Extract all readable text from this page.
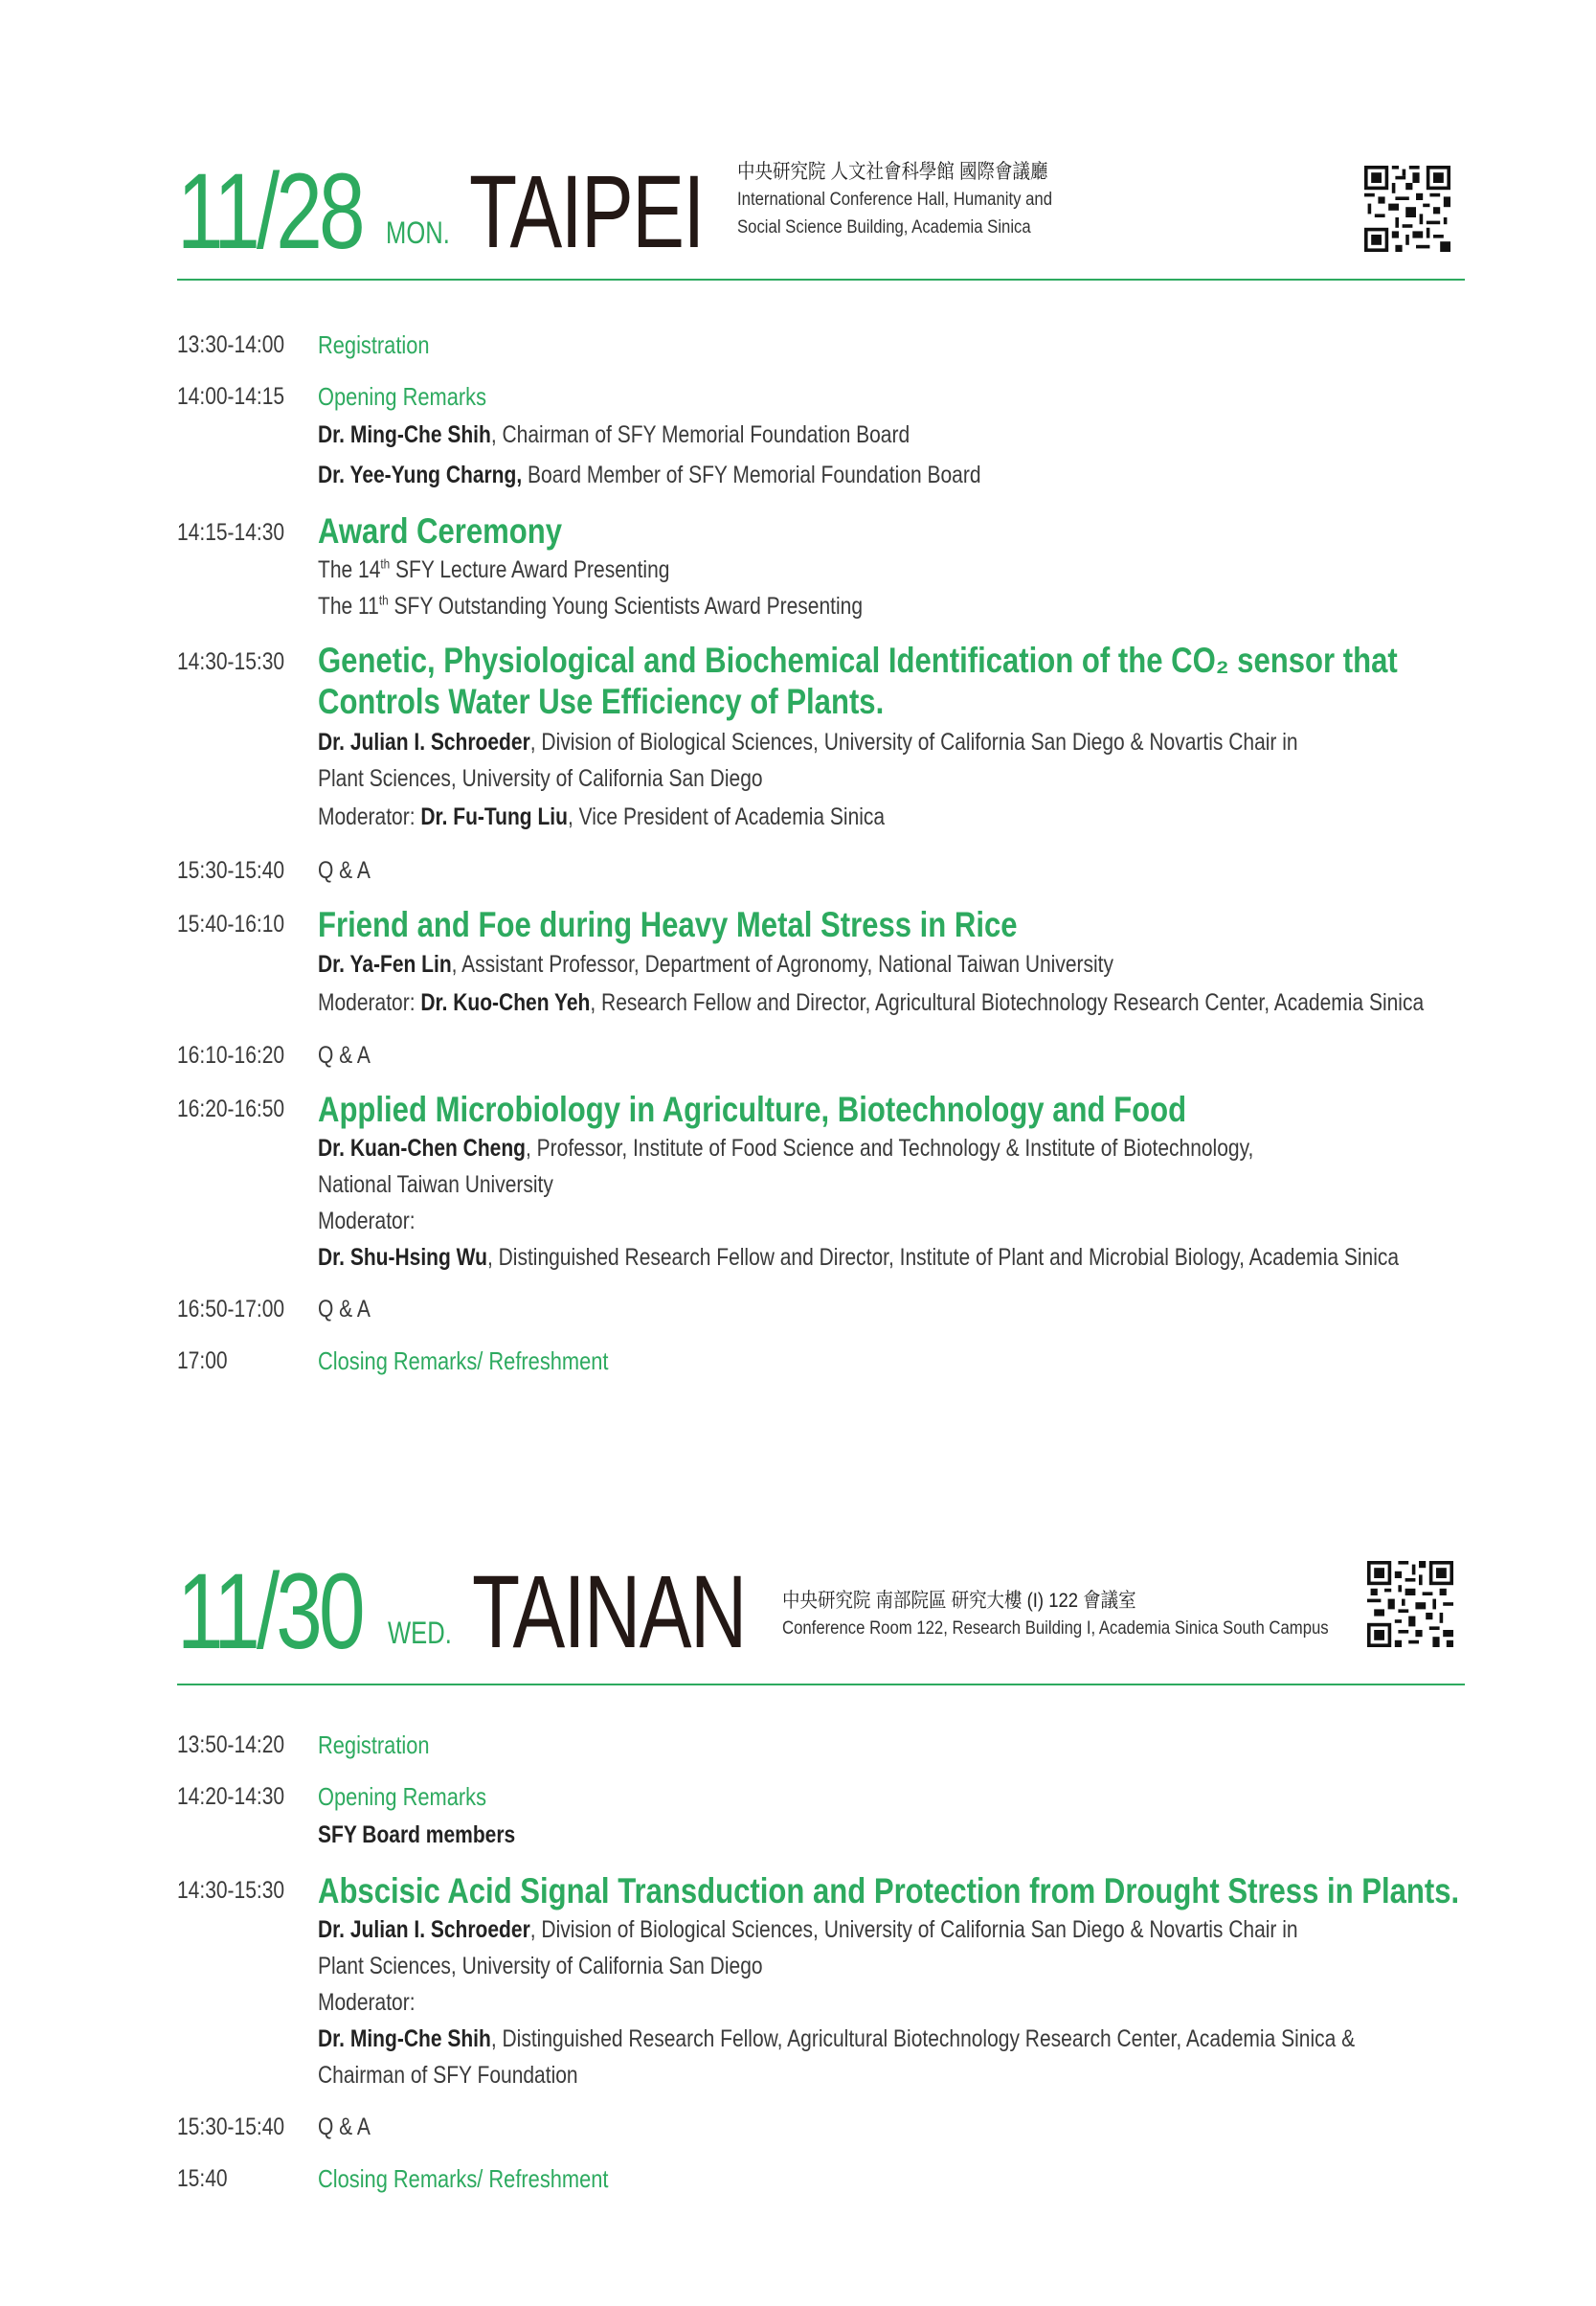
11/28 MON. TAIPEI 中央研究院 人文社會科學館 國際會議廳
International Conference Hall, Humanity and
Social Science Building, Academia Sinica
13:30-14:00 Registration
14:00-14:15 Opening Remarks
Dr. Ming-Che Shih, Chairman of SFY Memorial Foundation Board
Dr. Yee-Yung Charng, Board Member of SFY Memorial Foundation Board
14:15-14:30 Award Ceremony
The 14th SFY Lecture Award Presenting
The 11th SFY Outstanding Young Scientists Award Presenting
14:30-15:30 Genetic, Physiological and Biochemical Identification of the CO₂ sensor that
Controls Water Use Efficiency of Plants.
Dr. Julian I. Schroeder, Division of Biological Sciences, University of California San Diego & Novartis Chair in
Plant Sciences, University of California San Diego
Moderator: Dr. Fu-Tung Liu, Vice President of Academia Sinica
15:30-15:40 Q & A
15:40-16:10 Friend and Foe during Heavy Metal Stress in Rice
Dr. Ya-Fen Lin, Assistant Professor, Department of Agronomy, National Taiwan University
Moderator: Dr. Kuo-Chen Yeh, Research Fellow and Director, Agricultural Biotechnology Research Center, Academia Sinica
16:10-16:20 Q & A
16:20-16:50 Applied Microbiology in Agriculture, Biotechnology and Food
Dr. Kuan-Chen Cheng, Professor, Institute of Food Science and Technology & Institute of Biotechnology,
National Taiwan University
Moderator:
Dr. Shu-Hsing Wu, Distinguished Research Fellow and Director, Institute of Plant and Microbial Biology, Academia Sinica
16:50-17:00 Q & A
17:00	Closing Remarks/ Refreshment
11/30 WED. TAINAN 中央研究院 南部院區 研究大樓 (I) 122 會議室
Conference Room 122, Research Building I, Academia Sinica South Campus
13:50-14:20 Registration
14:20-14:30 Opening Remarks
SFY Board members
14:30-15:30 Abscisic Acid Signal Transduction and Protection from Drought Stress in Plants.
Dr. Julian I. Schroeder, Division of Biological Sciences, University of California San Diego & Novartis Chair in
Plant Sciences, University of California San Diego
Moderator:
Dr. Ming-Che Shih, Distinguished Research Fellow, Agricultural Biotechnology Research Center, Academia Sinica &
Chairman of SFY Foundation
15:30-15:40 Q & A
15:40	Closing Remarks/ Refreshment
